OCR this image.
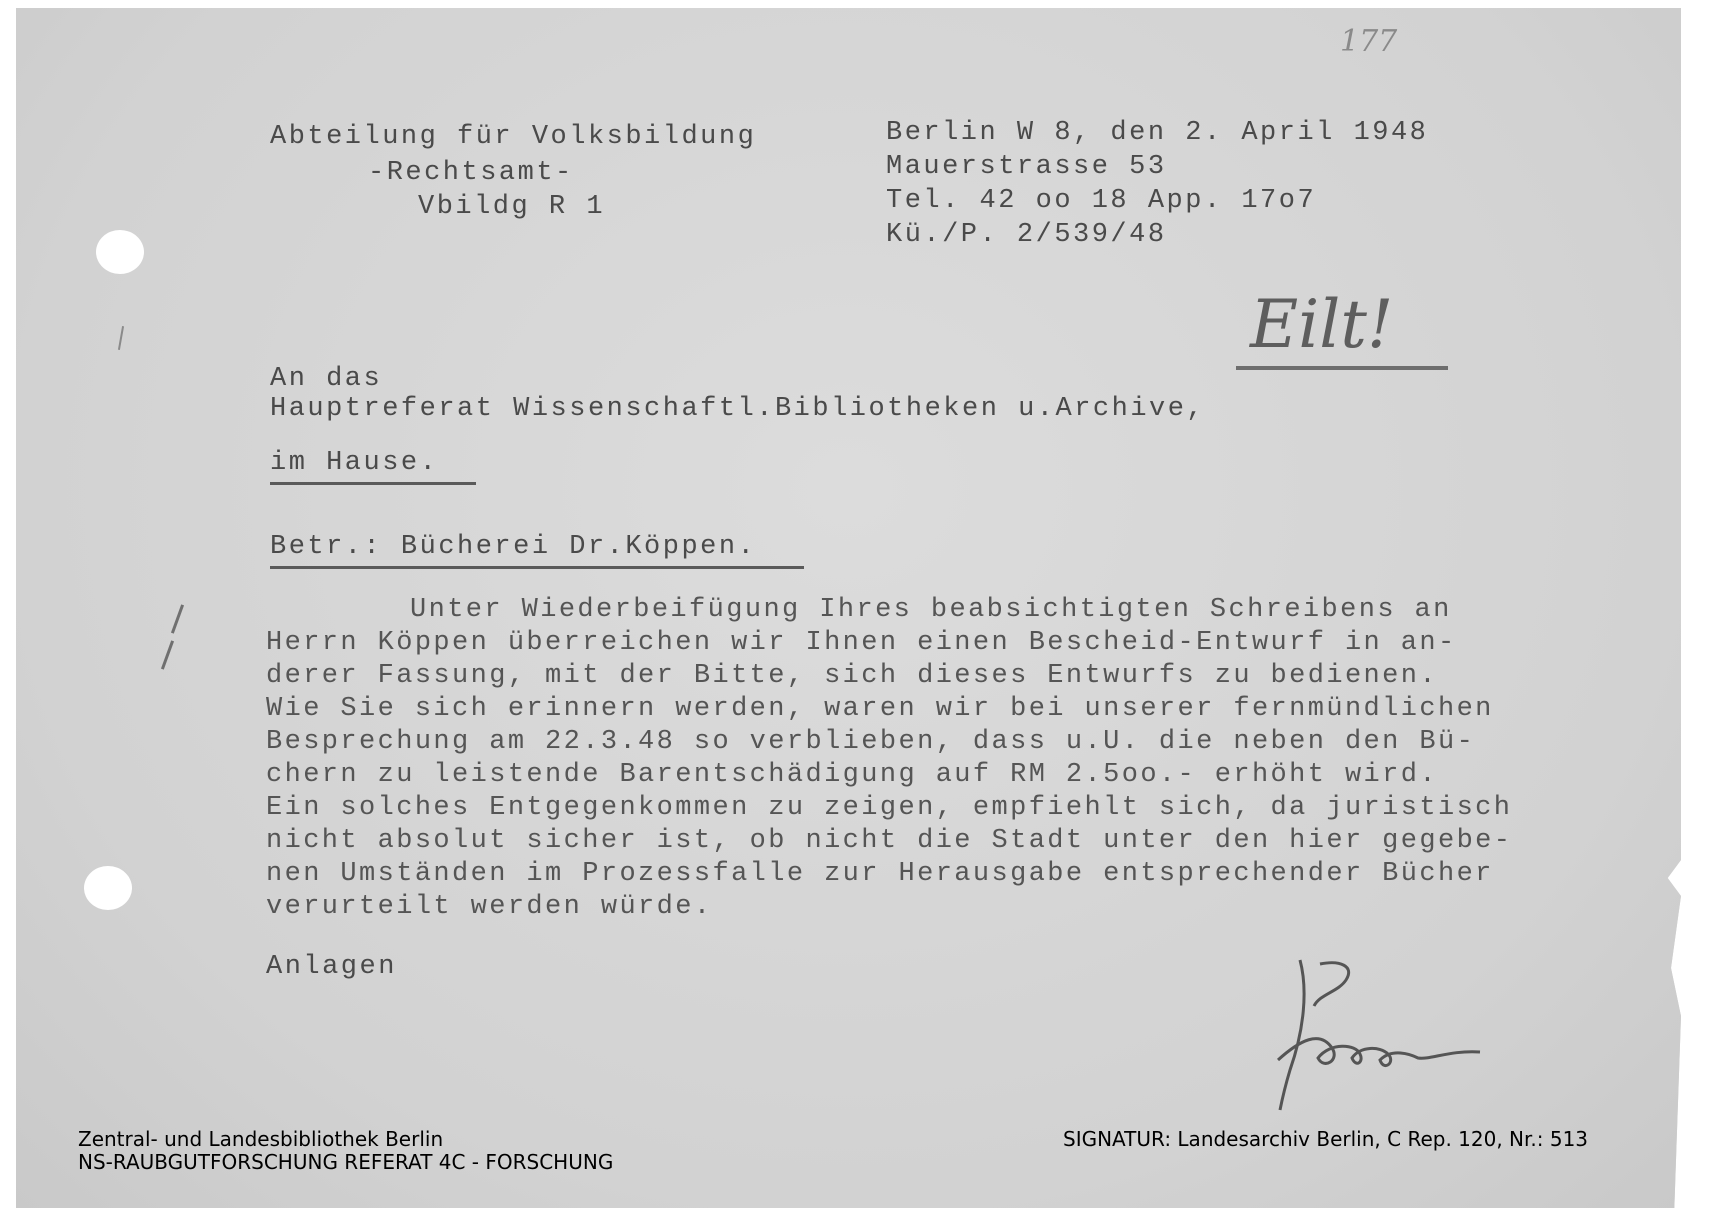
177
Abteilung für Volksbildung
-Rechtsamt-
Vbildg R 1
Berlin W 8, den 2. April 1948
Mauerstrasse 53
Tel. 42 oo 18 App. 17o7
Kü./P. 2/539/48
Eilt!
An das
Hauptreferat Wissenschaftl.Bibliotheken u.Archive,
im Hause.
Betr.: Bücherei Dr.Köppen.
Unter Wiederbeifügung Ihres beabsichtigten Schreibens an
Herrn Köppen überreichen wir Ihnen einen Bescheid-Entwurf in an-
derer Fassung, mit der Bitte, sich dieses Entwurfs zu bedienen.
Wie Sie sich erinnern werden, waren wir bei unserer fernmündlichen
Besprechung am 22.3.48 so verblieben, dass u.U. die neben den Bü-
chern zu leistende Barentschädigung auf RM 2.5oo.- erhöht wird.
Ein solches Entgegenkommen zu zeigen, empfiehlt sich, da juristisch
nicht absolut sicher ist, ob nicht die Stadt unter den hier gegebe-
nen Umständen im Prozessfalle zur Herausgabe entsprechender Bücher
verurteilt werden würde.
Anlagen
Zentral- und Landesbibliothek Berlin
NS-RAUBGUTFORSCHUNG REFERAT 4C - FORSCHUNG
SIGNATUR: Landesarchiv Berlin, C Rep. 120, Nr.: 513
